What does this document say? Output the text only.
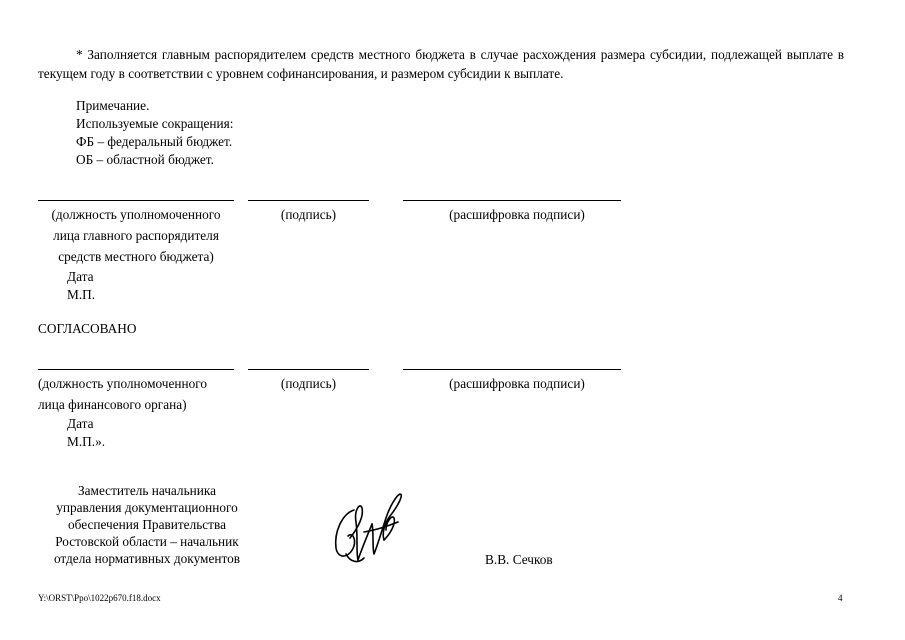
* Заполняется главным распорядителем средств местного бюджета в случае расхождения размера субсидии, подлежащей выплате в текущем году в соответствии с уровнем софинансирования, и размером субсидии к выплате.
Примечание.
Используемые сокращения:
ФБ – федеральный бюджет.
ОБ – областной бюджет.
(должность уполномоченного
лица главного распорядителя
средств местного бюджета)
(подпись)	(расшифровка подписи)
Дата
М.П.
СОГЛАСОВАНО
(должность уполномоченного
лица финансового органа)
(подпись)	(расшифровка подписи)
Дата
М.П.».
Заместитель начальника
управления документационного
обеспечения Правительства
Ростовской области – начальник
отдела нормативных документов	В.В. Сечков
Y:\ORST\Ppo\1022p670.f18.docx	4
